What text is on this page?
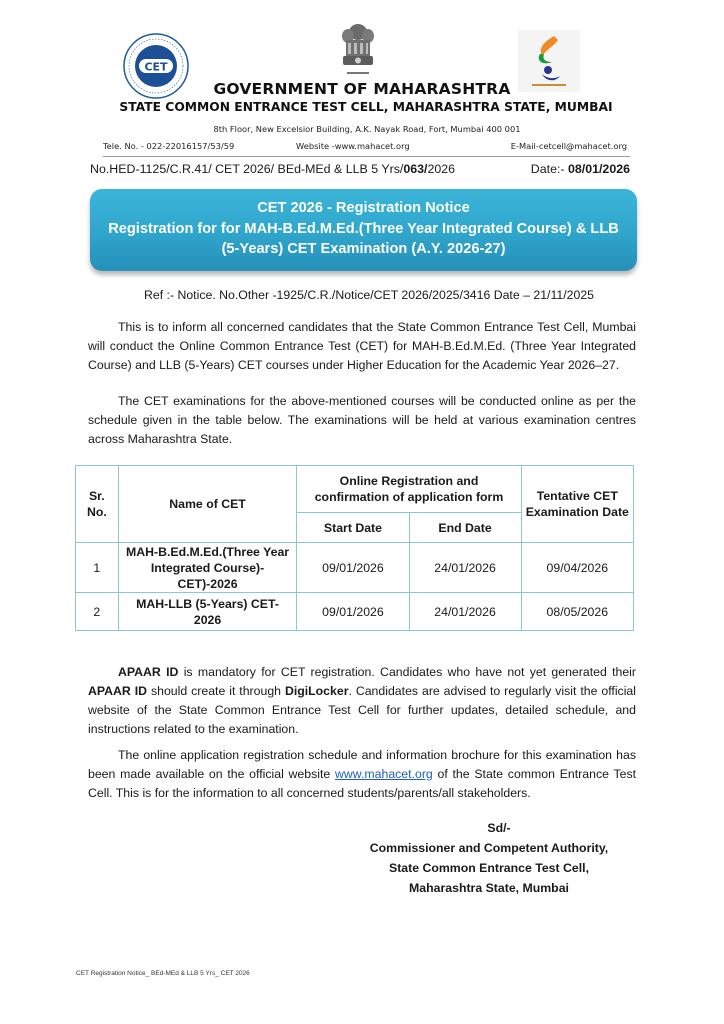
CET
GOVERNMENT OF MAHARASHTRA
STATE COMMON ENTRANCE TEST CELL, MAHARASHTRA STATE, MUMBAI
8th Floor, New Excelsior Building, A.K. Nayak Road, Fort, Mumbai 400 001
Tele. No. - 022-22016157/53/59	Website -www.mahacet.org	E-Mail-cetcell@mahacet.org
No.HED-1125/C.R.41/ CET 2026/ BEd-MEd & LLB 5 Yrs/063/2026	Date:- 08/01/2026
CET 2026 - Registration Notice
Registration for for MAH-B.Ed.M.Ed.(Three Year Integrated Course) & LLB
(5-Years) CET Examination (A.Y. 2026-27)
Ref :- Notice. No.Other -1925/C.R./Notice/CET 2026/2025/3416 Date – 21/11/2025
This is to inform all concerned candidates that the State Common Entrance Test Cell, Mumbai will conduct the Online Common Entrance Test (CET) for MAH-B.Ed.M.Ed. (Three Year Integrated Course) and LLB (5-Years) CET courses under Higher Education for the Academic Year 2026–27.
The CET examinations for the above-mentioned courses will be conducted online as per the schedule given in the table below. The examinations will be held at various examination centres across Maharashtra State.
Sr. No.	Name of CET	Online Registration and confirmation of application form		Tentative CET Examination Date
		Start Date	End Date	
1	MAH-B.Ed.M.Ed.(Three Year Integrated Course)-CET)-2026	09/01/2026	24/01/2026	09/04/2026
2	MAH-LLB (5-Years) CET-2026	09/01/2026	24/01/2026	08/05/2026
APAAR ID is mandatory for CET registration. Candidates who have not yet generated their APAAR ID should create it through DigiLocker. Candidates are advised to regularly visit the official website of the State Common Entrance Test Cell for further updates, detailed schedule, and instructions related to the examination.
The online application registration schedule and information brochure for this examination has been made available on the official website www.mahacet.org of the State common Entrance Test Cell. This is for the information to all concerned students/parents/all stakeholders.
Sd/-
Commissioner and Competent Authority,
State Common Entrance Test Cell,
Maharashtra State, Mumbai
CET Registration Notice_ BEd-MEd & LLB 5 Yrs_ CET 2026
